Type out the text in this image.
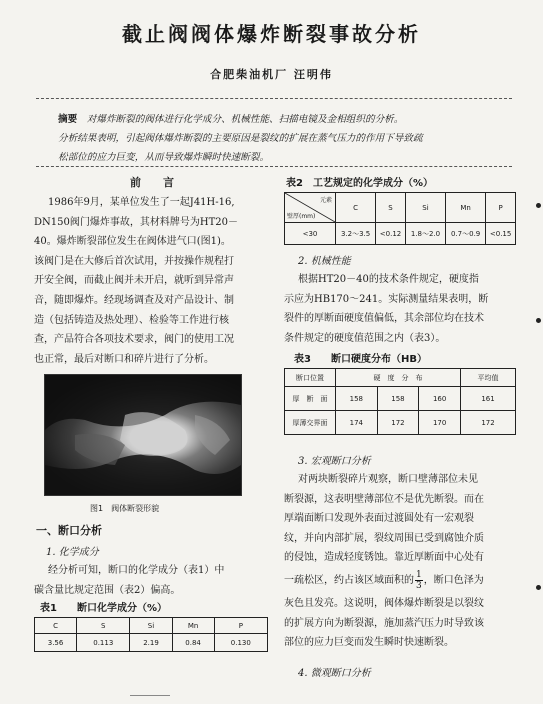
截止阀阀体爆炸断裂事故分析
合肥柴油机厂 汪明伟
摘要　 对爆炸断裂的阀体进行化学成分、机械性能、扫描电镜及金相组织的分析。
分析结果表明，引起阀体爆炸断裂的主要原因是裂纹的扩展在蒸气压力的作用下导致疏
松部位的应力巨变，从而导致爆炸瞬时快速断裂。
前　　言
1986年9月，某单位发生了一起J41H-16,
DN150阀门爆炸事故，其材料牌号为HT20－
40。爆炸断裂部位发生在阀体进气口(图1)。
该阀门是在大修后首次试用，并按操作规程打
开安全阀，而截止阀并未开启，就听到异常声
音，随即爆炸。经现场调查及对产品设计、制
造（包括铸造及热处理）、检验等工作进行核
查，产品符合各项技术要求，阀门的使用工况
也正常，最后对断口和碎片进行了分析。
图1　阀体断裂形貌
一、断口分析
1. 化学成分
经分析可知，断口的化学成分（表1）中
碳含量比规定范围（表2）偏高。
表1　　断口化学成分（%）
C	S	Si	Mn	P
3.56	0.113	2.19	0.84	0.130
表2　工艺规定的化学成分（%）
元素
壁厚(mm)	C	S	Si	Mn	P
<30	3.2～3.5	<0.12	1.8～2.0	0.7～0.9	<0.15
2. 机械性能
根据HT20－40的技术条件规定，硬度指
示应为HB170～241。实际测量结果表明，断
裂件的厚断面硬度值偏低，其余部位均在技术
条件规定的硬度值范围之内（表3）。
表3　　断口硬度分布（HB）
断口位置	硬　度　分　布			平均值
厚　断　面	158	158	160	161
厚薄交界面	174	172	170	172
3. 宏观断口分析
对两块断裂碎片观察，断口壁薄部位未见
断裂源，这表明壁薄部位不是优先断裂。而在
厚端面断口发现外表面过渡圆处有一宏观裂
纹，并向内部扩展，裂纹周围已受到腐蚀介质
的侵蚀，造成轻度锈蚀。靠近厚断面中心处有
一疏松区，约占该区域面积的 $\frac{1}{3}$ ，断口色泽为
灰色且发亮。这说明，阀体爆炸断裂是以裂纹
的扩展方向为断裂源，施加蒸汽压力时导致该
部位的应力巨变而发生瞬时快速断裂。
4. 微观断口分析
